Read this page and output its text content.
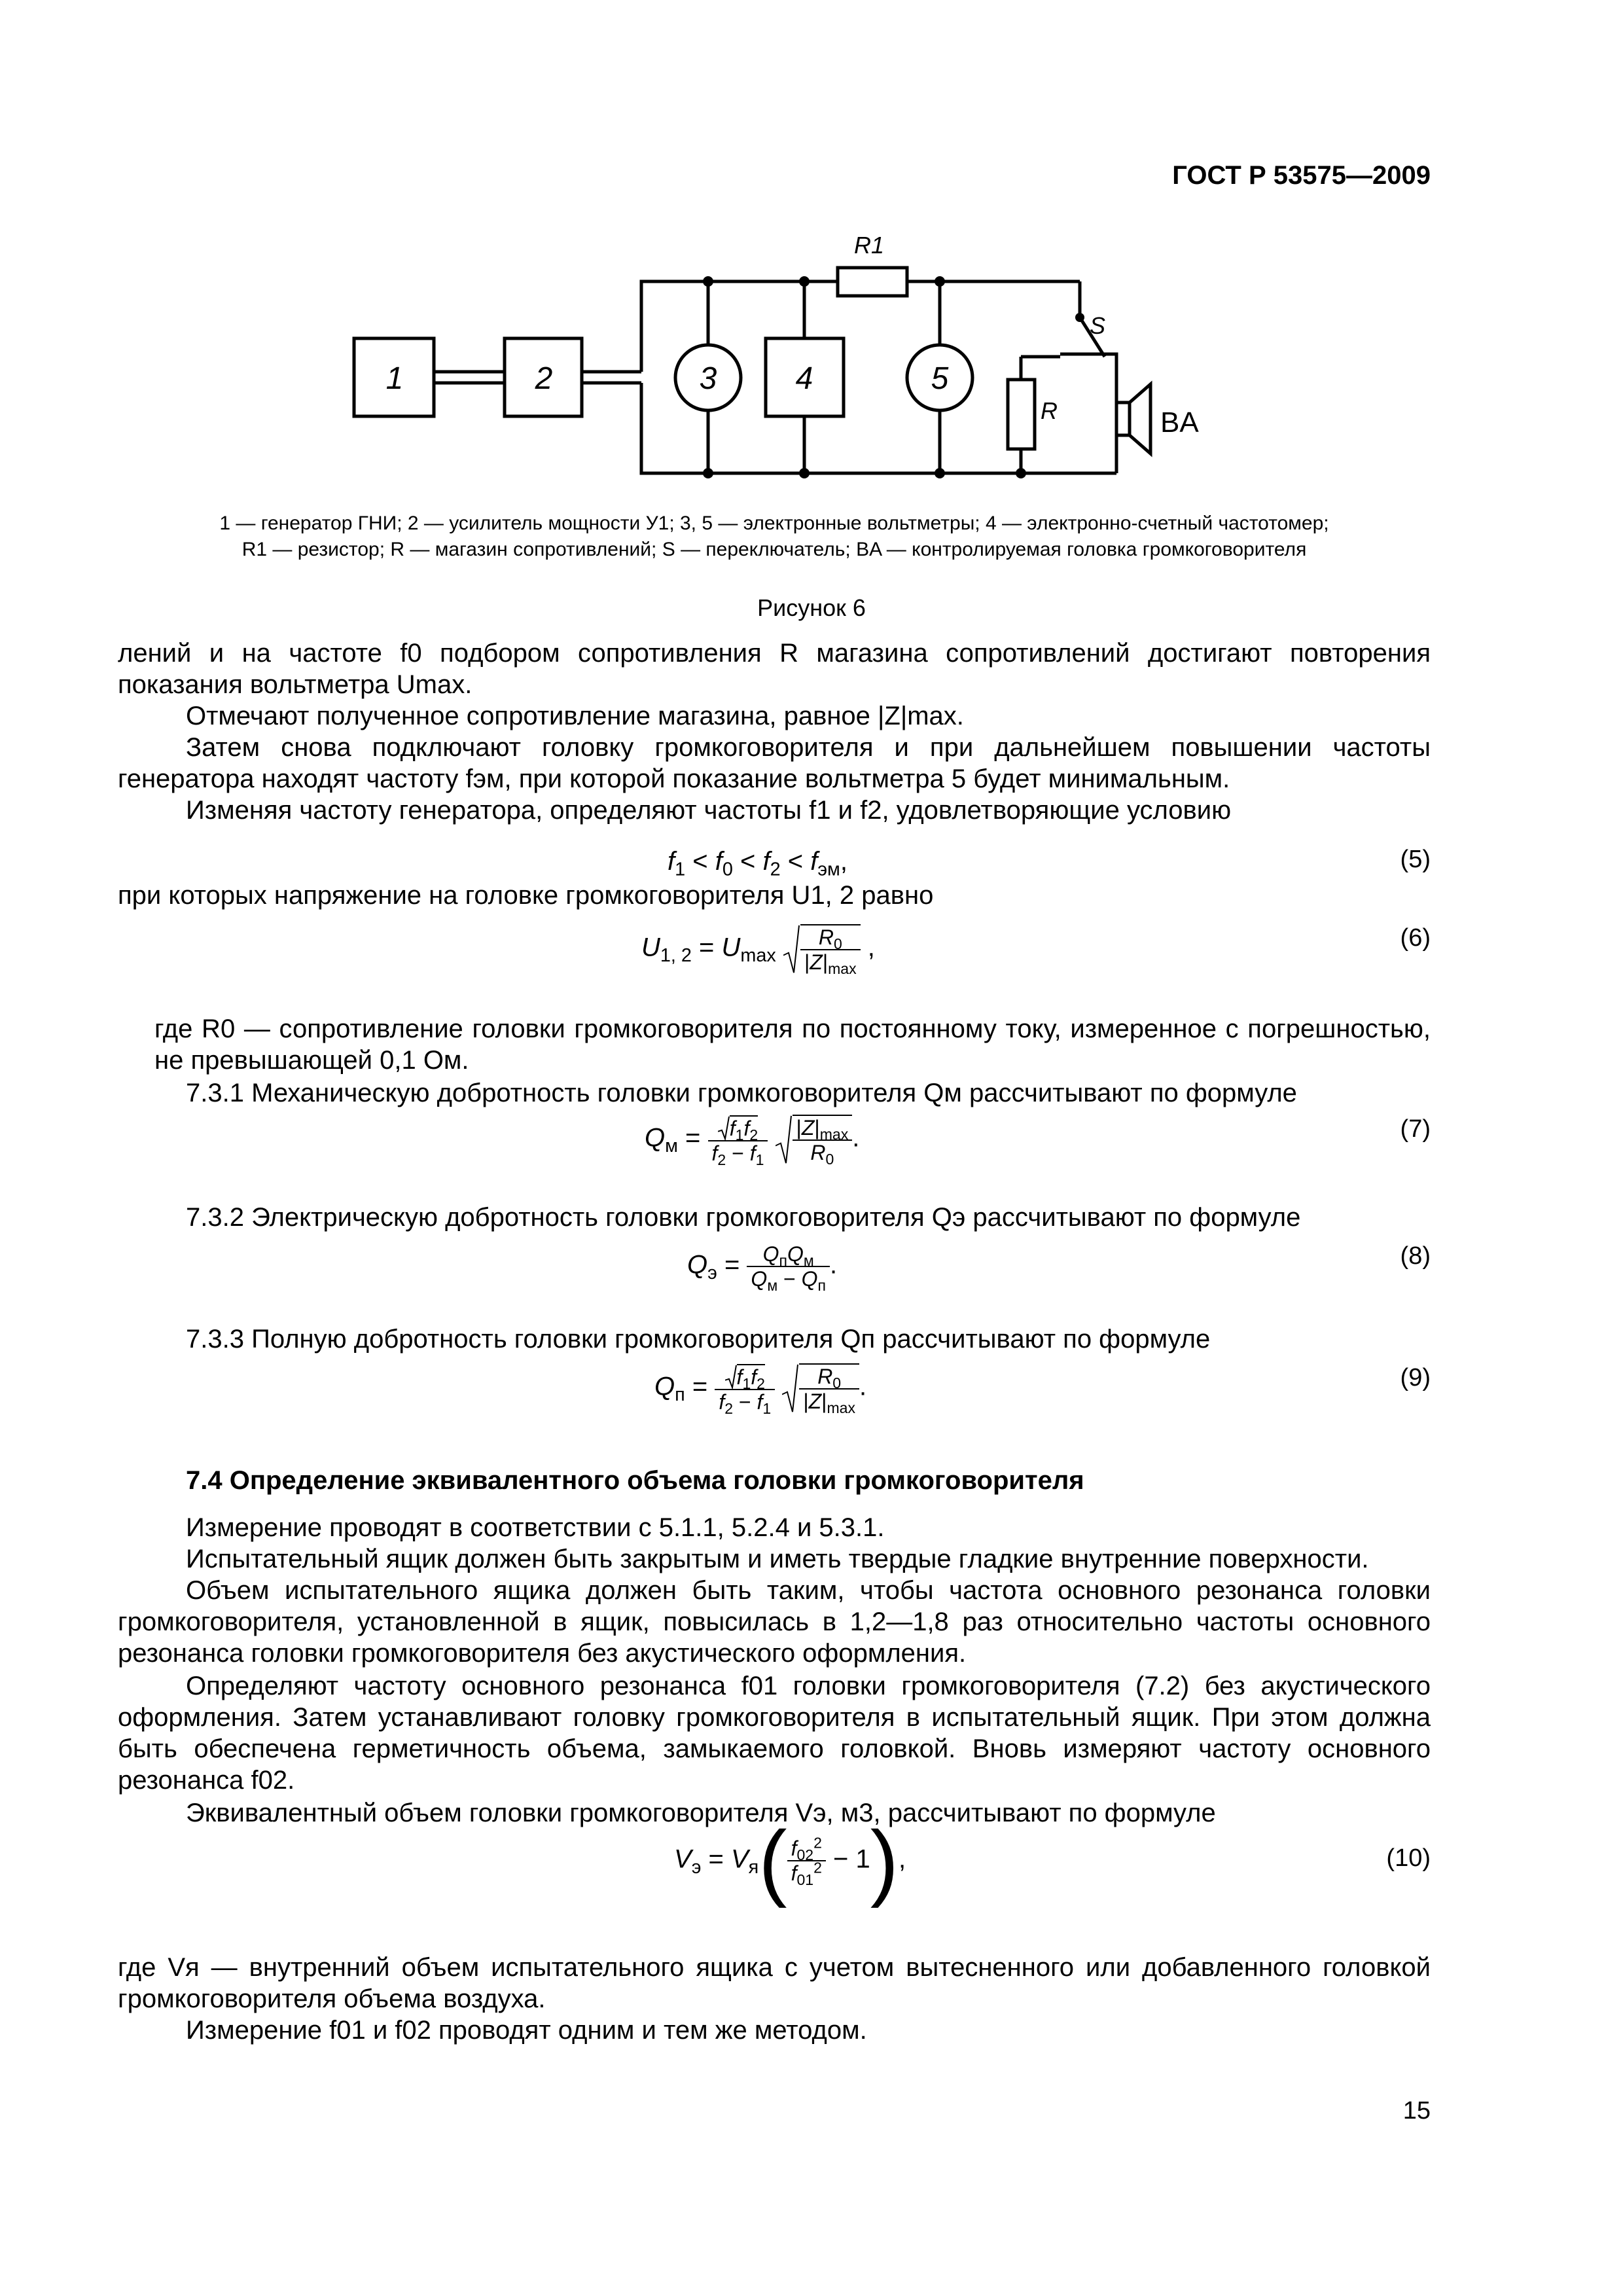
ГОСТ Р 53575—2009
1	2	3	4	5
R1
R
S
BA
1 — генератор ГНИ; 2 — усилитель мощности У1; 3, 5 — электронные вольтметры; 4 — электронно-счетный частотомер;
R1 — резистор; R — магазин сопротивлений; S — переключатель; BA — контролируемая головка громкоговорителя
Рисунок 6

лений и на частоте f0 подбором сопротивления R магазина сопротивлений достигают повторения показания вольтметра Umax.

Отмечают полученное сопротивление магазина, равное |Z|max.

Затем снова подключают головку громкоговорителя и при дальнейшем повышении частоты генератора находят частоту fэм, при которой показание вольтметра 5 будет минимальным.

Изменяя частоту генератора, определяют частоты f1 и f2, удовлетворяющие условию

$f_1 < f_0 < f_2 < f_{эм}$,	(5)

при которых напряжение на головке громкоговорителя U1, 2 равно

$U_{1, 2} = U_{max} \frac{R_0}{|Z|_{max}}$ ,	(6)

где R0 — сопротивление головки громкоговорителя по постоянному току, измеренное с погрешностью, не превышающей 0,1 Ом.

7.3.1 Механическую добротность головки громкоговорителя Qм рассчитывают по формуле

$Q_м = \frac{f_1f_2}{f_2 - f_1}$
$\frac{|Z|_{max}}{R_0}$ .	(7)

7.3.2 Электрическую добротность головки громкоговорителя Qэ рассчитывают по формуле

$Q_э = \frac{Q_пQ_м}{Q_м - Q_п}$ .	(8)

7.3.3 Полную добротность головки громкоговорителя Qп рассчитывают по формуле

$Q_п = \frac{f_1f_2}{f_2 - f_1}$
$\frac{R_0}{|Z|_{max}}$ .	(9)

7.4 Определение эквивалентного объема головки громкоговорителя

Измерение проводят в соответствии с 5.1.1, 5.2.4 и 5.3.1.

Испытательный ящик должен быть закрытым и иметь твердые гладкие внутренние поверхности.

Объем испытательного ящика должен быть таким, чтобы частота основного резонанса головки громкоговорителя, установленной в ящик, повысилась в 1,2—1,8 раз относительно частоты основного резонанса головки громкоговорителя без акустического оформления.

Определяют частоту основного резонанса f01 головки громкоговорителя (7.2) без акустического оформления. Затем устанавливают головку громкоговорителя в испытательный ящик. При этом должна быть обеспечена герметичность объема, замыкаемого головкой. Вновь измеряют частоту основного резонанса f02.

Эквивалентный объем головки громкоговорителя Vэ, м3, рассчитывают по формуле

$V_э = V_я( \frac{f_{02}^2}{f_{01}^2} - 1)$,	(10)

где Vя — внутренний объем испытательного ящика с учетом вытесненного или добавленного головкой громкоговорителя объема воздуха.

Измерение f01 и f02 проводят одним и тем же методом.

15
